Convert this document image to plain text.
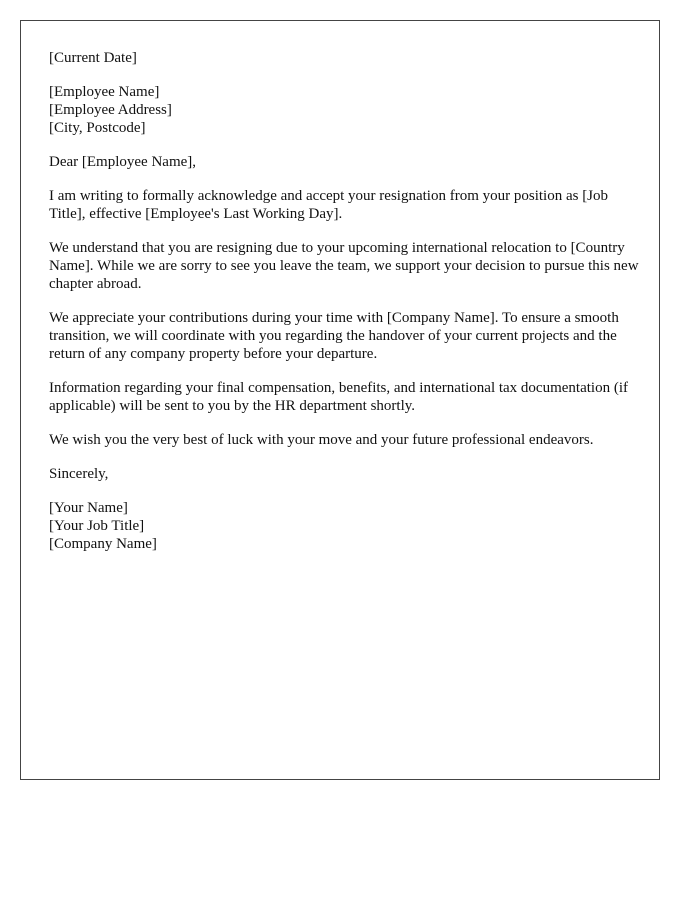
[Current Date]
[Employee Name]
[Employee Address]
[City, Postcode]
Dear [Employee Name],
I am writing to formally acknowledge and accept your resignation from your position as [Job Title], effective [Employee's Last Working Day].
We understand that you are resigning due to your upcoming international relocation to [Country Name]. While we are sorry to see you leave the team, we support your decision to pursue this new chapter abroad.
We appreciate your contributions during your time with [Company Name]. To ensure a smooth transition, we will coordinate with you regarding the handover of your current projects and the return of any company property before your departure.
Information regarding your final compensation, benefits, and international tax documentation (if applicable) will be sent to you by the HR department shortly.
We wish you the very best of luck with your move and your future professional endeavors.
Sincerely,
[Your Name]
[Your Job Title]
[Company Name]
